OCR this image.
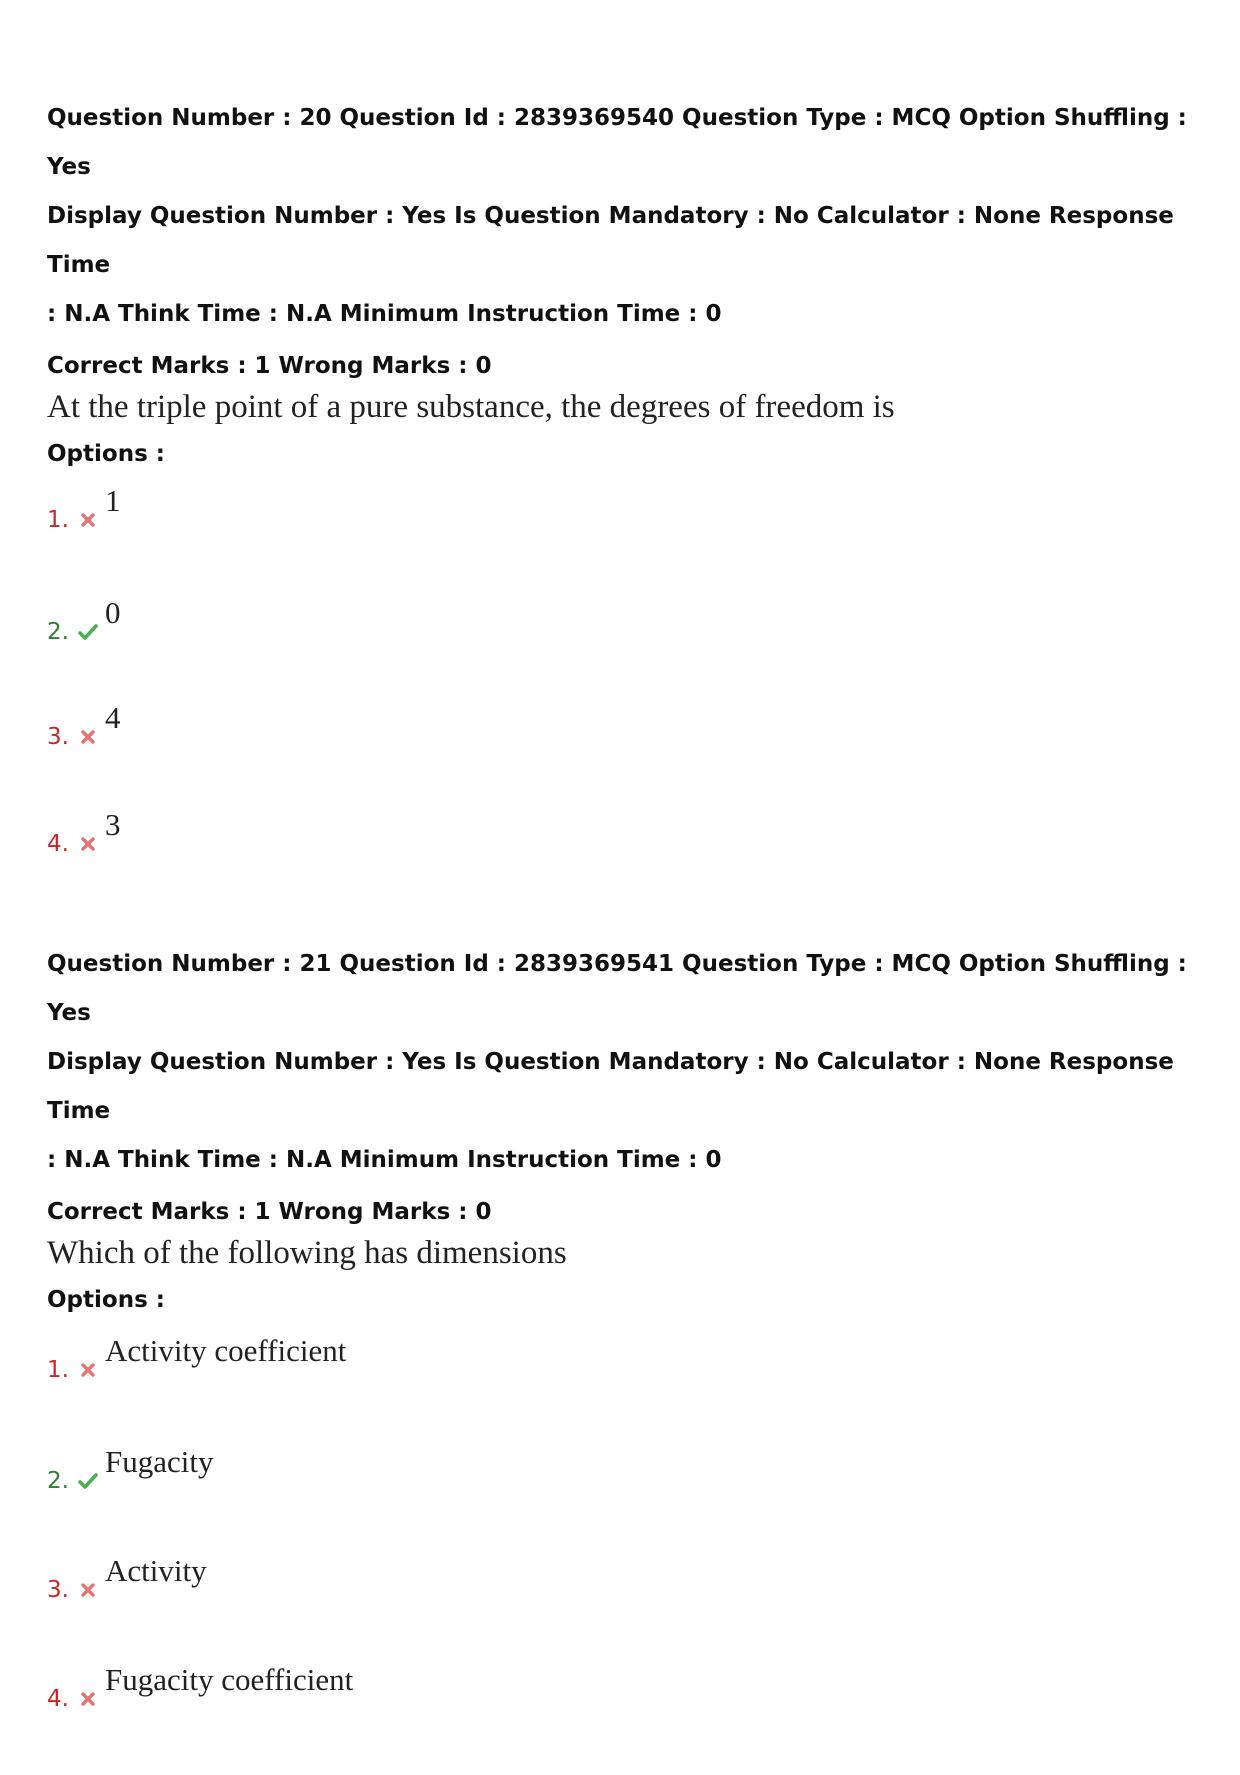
Question Number : 20 Question Id : 2839369540 Question Type : MCQ Option Shuffling : Yes
Display Question Number : Yes Is Question Mandatory : No Calculator : None Response Time
: N.A Think Time : N.A Minimum Instruction Time : 0
Correct Marks : 1 Wrong Marks : 0
At the triple point of a pure substance, the degrees of freedom is
Options :
1.
1
2.
0
3.
4
4.
3
Question Number : 21 Question Id : 2839369541 Question Type : MCQ Option Shuffling : Yes
Display Question Number : Yes Is Question Mandatory : No Calculator : None Response Time
: N.A Think Time : N.A Minimum Instruction Time : 0
Correct Marks : 1 Wrong Marks : 0
Which of the following has dimensions
Options :
1.
Activity coefficient
2.
Fugacity
3.
Activity
4.
Fugacity coefficient
